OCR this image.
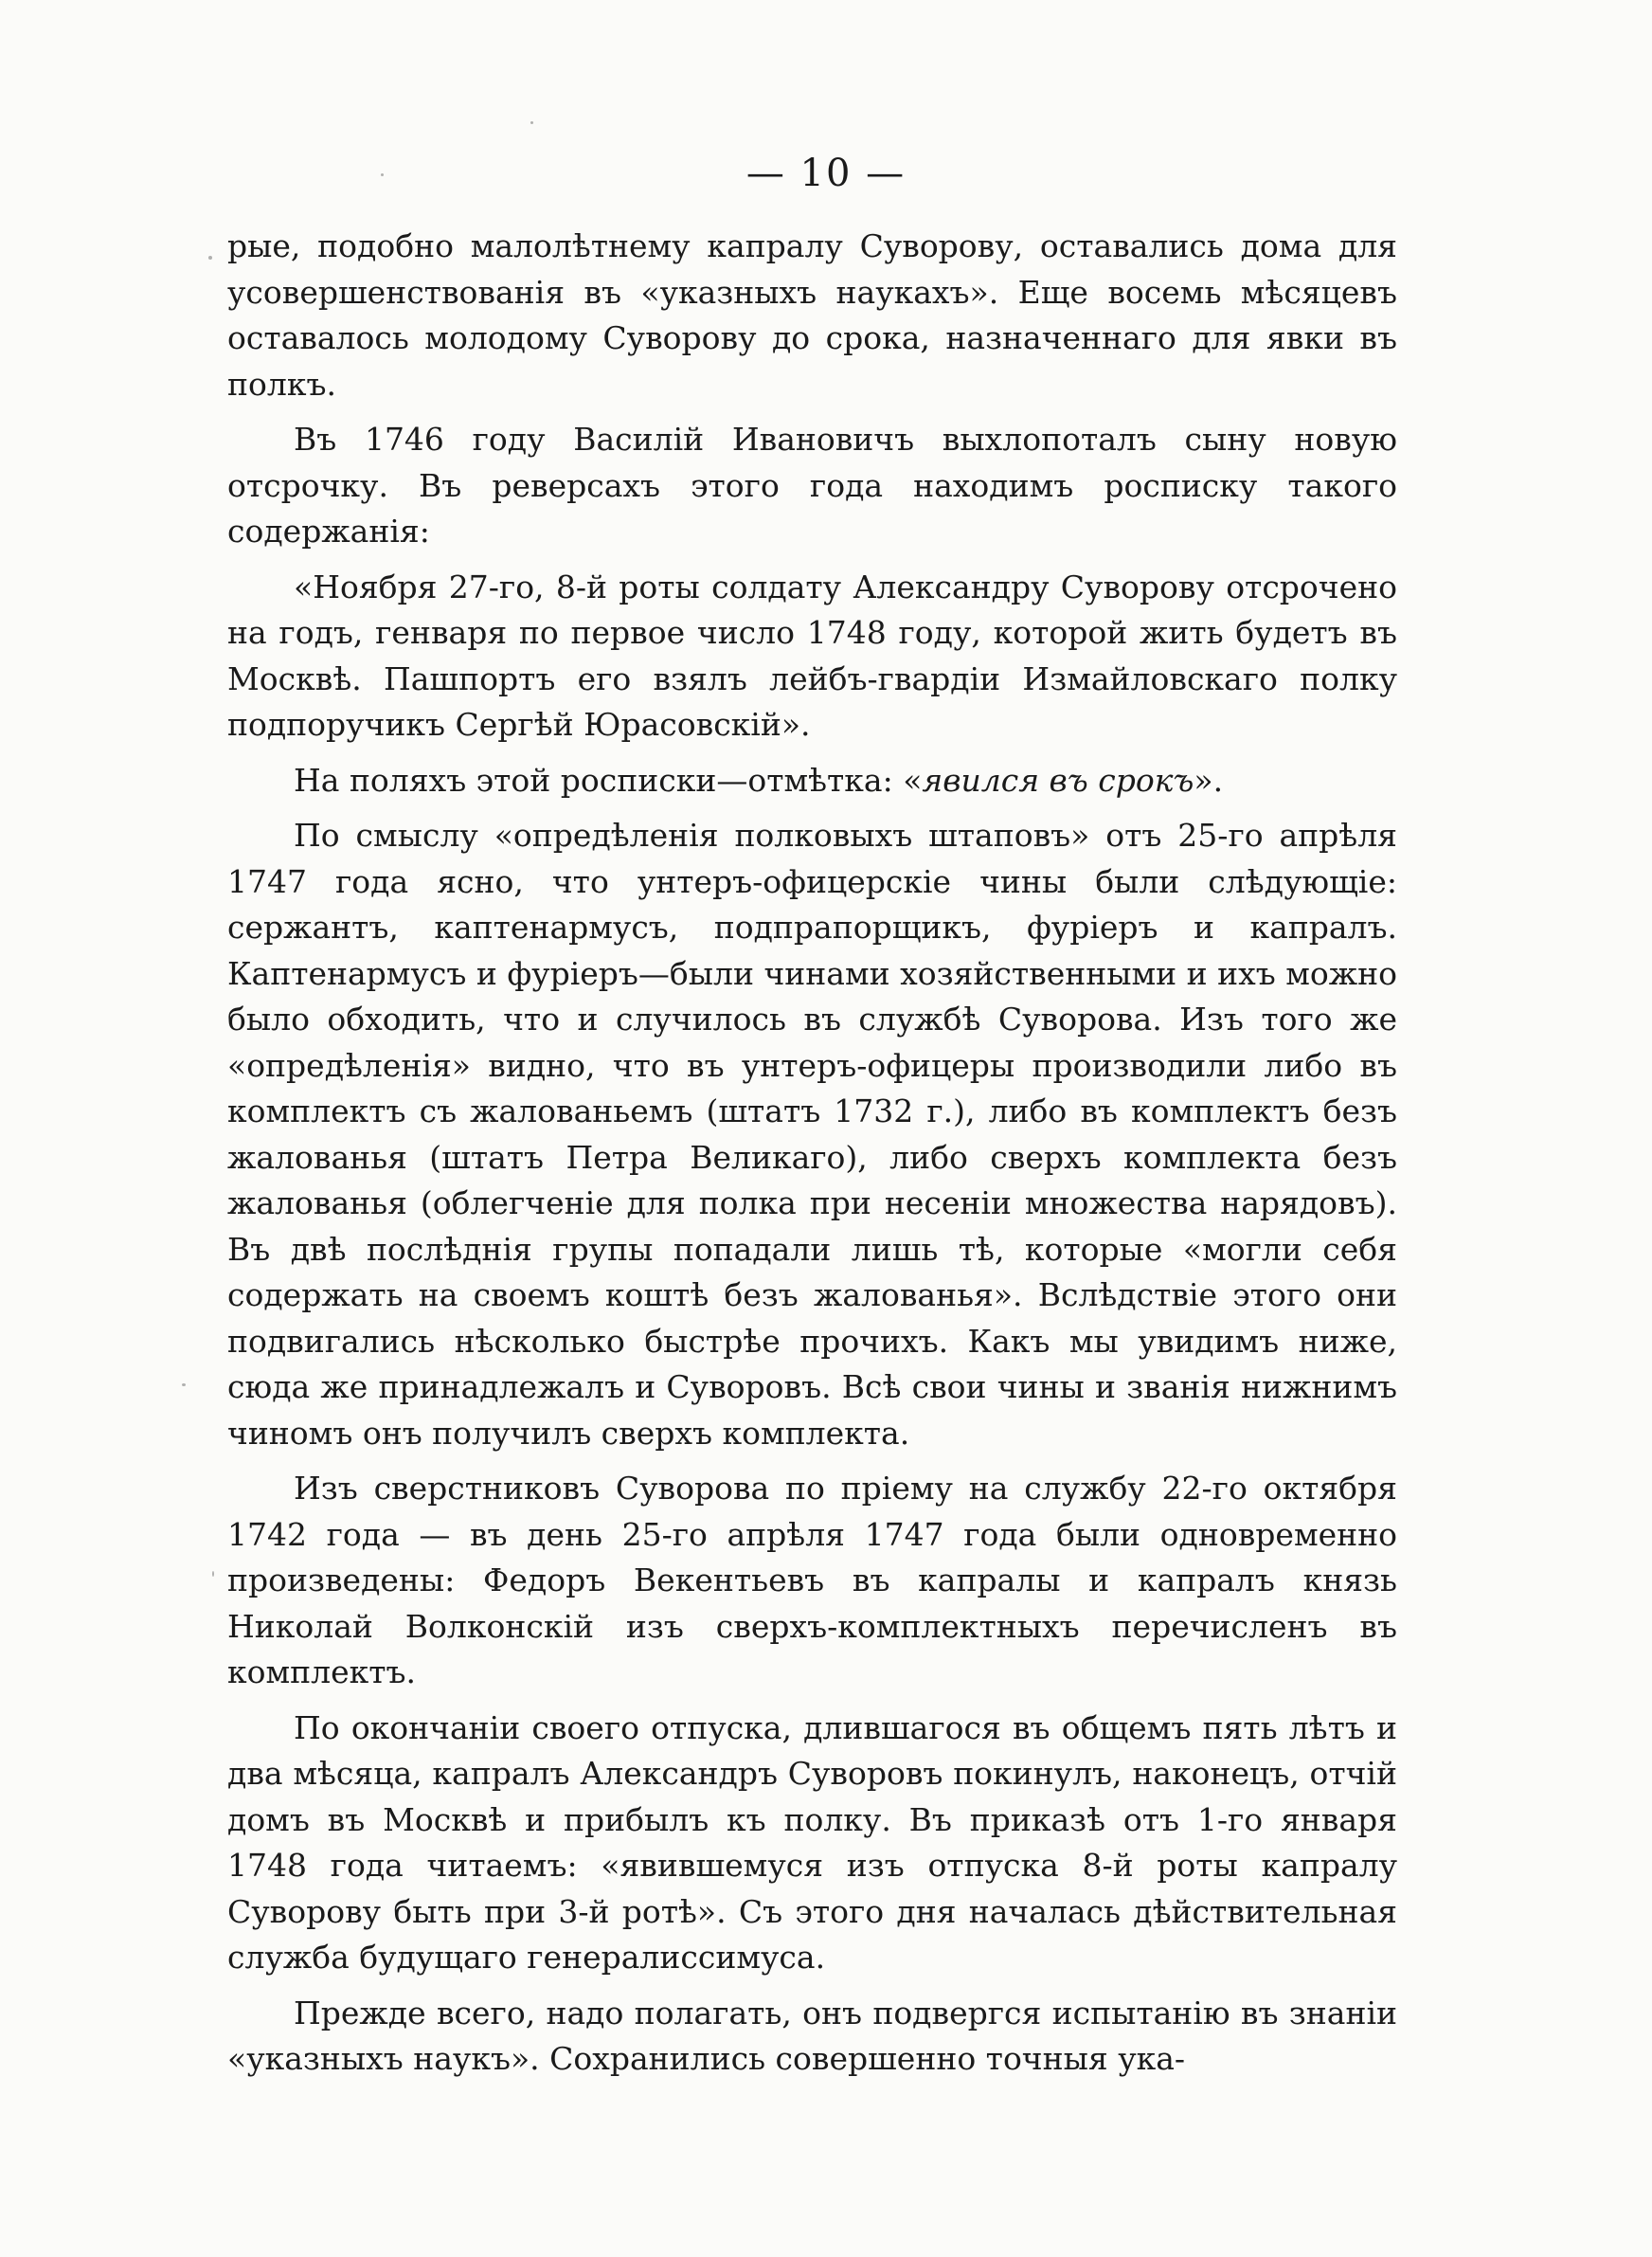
— 10 —

рые, подобно малолѣтнему капралу Суворову, оставались дома для усовершенствованія въ «указныхъ наукахъ». Еще восемь мѣсяцевъ оставалось молодому Суворову до срока, назначеннаго для явки въ полкъ.

Въ 1746 году Василій Ивановичъ выхлопоталъ сыну новую отсрочку. Въ реверсахъ этого года находимъ росписку такого содержанія:

«Ноября 27-го, 8-й роты солдату Александру Суворову отсрочено на годъ, генваря по первое число 1748 году, которой жить будетъ въ Москвѣ. Пашпортъ его взялъ лейбъ-гвардіи Измайловскаго полку подпоручикъ Сергѣй Юрасовскій».

На поляхъ этой росписки—отмѣтка: «явился въ срокъ».

По смыслу «опредѣленія полковыхъ штаповъ» отъ 25-го апрѣля 1747 года ясно, что унтеръ-офицерскіе чины были слѣдующіе: сержантъ, каптенармусъ, подпрапорщикъ, фуріеръ и капралъ. Каптенармусъ и фуріеръ—были чинами хозяйственными и ихъ можно было обходить, что и случилось въ службѣ Суворова. Изъ того же «опредѣленія» видно, что въ унтеръ-офицеры производили либо въ комплектъ съ жалованьемъ (штатъ 1732 г.), либо въ комплектъ безъ жалованья (штатъ Петра Великаго), либо сверхъ комплекта безъ жалованья (облегченіе для полка при несеніи множества нарядовъ). Въ двѣ послѣднія групы попадали лишь тѣ, которые «могли себя содержать на своемъ коштѣ безъ жалованья». Вслѣдствіе этого они подвигались нѣсколько быстрѣе прочихъ. Какъ мы увидимъ ниже, сюда же принадлежалъ и Суворовъ. Всѣ свои чины и званія нижнимъ чиномъ онъ получилъ сверхъ комплекта.

Изъ сверстниковъ Суворова по пріему на службу 22-го октября 1742 года — въ день 25-го апрѣля 1747 года были одновременно произведены: Федоръ Векентьевъ въ капралы и капралъ князь Николай Волконскій изъ сверхъ-комплектныхъ перечисленъ въ комплектъ.

По окончаніи своего отпуска, длившагося въ общемъ пять лѣтъ и два мѣсяца, капралъ Александръ Суворовъ покинулъ, наконецъ, отчій домъ въ Москвѣ и прибылъ къ полку. Въ приказѣ отъ 1-го января 1748 года читаемъ: «явившемуся изъ отпуска 8-й роты капралу Суворову быть при 3-й ротѣ». Съ этого дня началась дѣйствительная служба будущаго генералиссимуса.

Прежде всего, надо полагать, онъ подвергся испытанію въ знаніи «указныхъ наукъ». Сохранились совершенно точныя ука-
